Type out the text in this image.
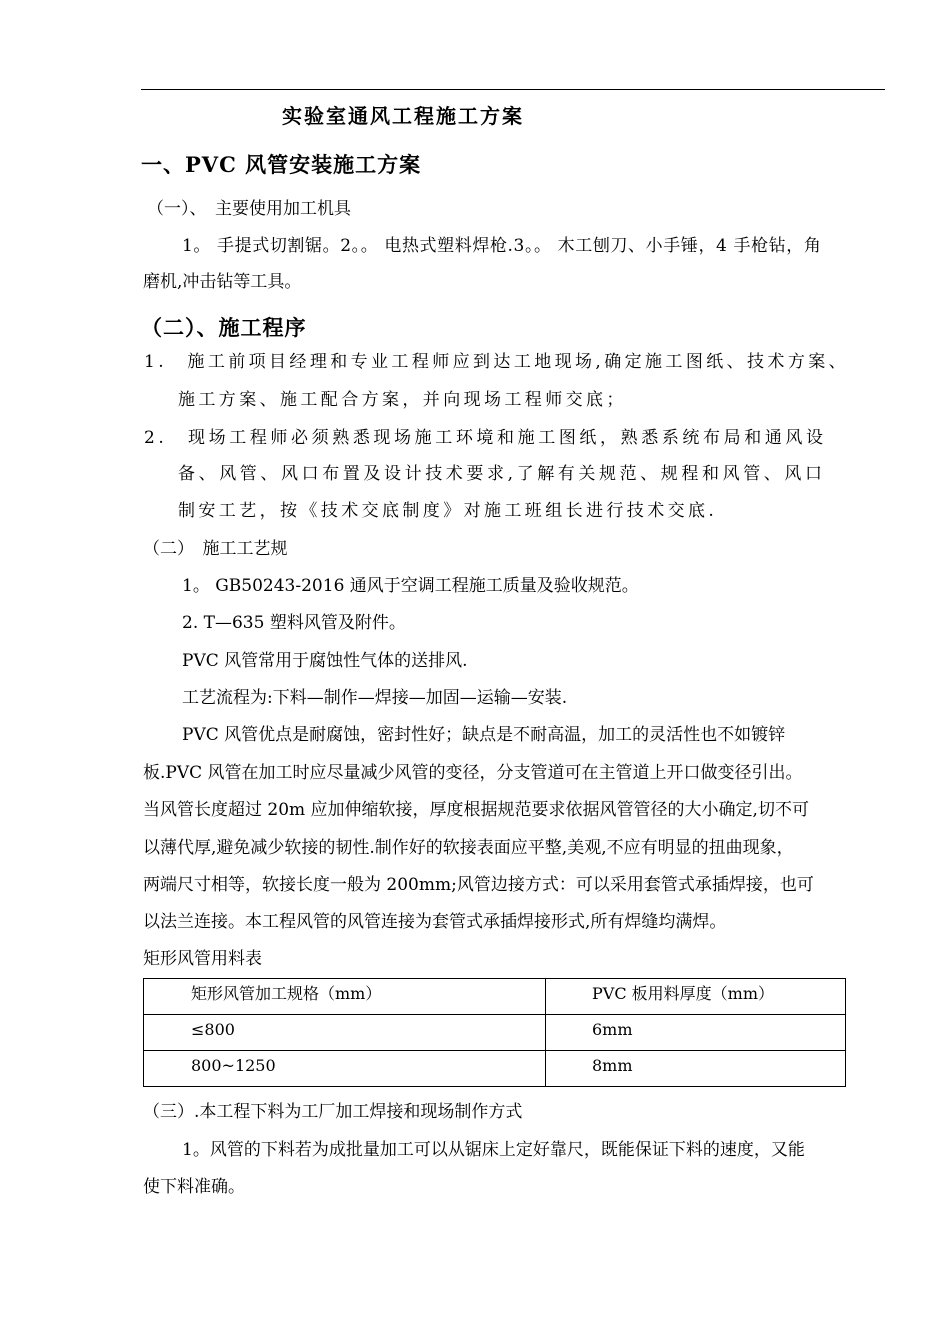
实验室通风工程施工方案
一、PVC 风管安装施工方案
（一）、　主要使用加工机具
1。 手提式切割锯。2。。 电热式塑料焊枪.3。。 木工刨刀、小手锤，4 手枪钻，角
磨机,冲击钻等工具。
（二）、施工程序
1.　施工前项目经理和专业工程师应到达工地现场,确定施工图纸、技术方案、
施工方案、施工配合方案，并向现场工程师交底；
2.　现场工程师必须熟悉现场施工环境和施工图纸，熟悉系统布局和通风设
备、风管、风口布置及设计技术要求,了解有关规范、规程和风管、风口
制安工艺，按《技术交底制度》对施工班组长进行技术交底.
（二）　施工工艺规
1。 GB50243-2016 通风于空调工程施工质量及验收规范。
2. T—635 塑料风管及附件。
PVC 风管常用于腐蚀性气体的送排风.
工艺流程为:下料—制作—焊接—加固—运输—安装.
PVC 风管优点是耐腐蚀，密封性好；缺点是不耐高温，加工的灵活性也不如镀锌
板.PVC 风管在加工时应尽量减少风管的变径，分支管道可在主管道上开口做变径引出。
当风管长度超过 20m 应加伸缩软接，厚度根据规范要求依据风管管径的大小确定,切不可
以薄代厚,避免减少软接的韧性.制作好的软接表面应平整,美观,不应有明显的扭曲现象，
两端尺寸相等，软接长度一般为 200mm;风管边接方式：可以采用套管式承插焊接，也可
以法兰连接。本工程风管的风管连接为套管式承插焊接形式,所有焊缝均满焊。
矩形风管用料表
矩形风管加工规格（mm）	PVC 板用料厚度（mm）
≤800	6mm
800~1250	8mm
（三）.本工程下料为工厂加工焊接和现场制作方式
1。风管的下料若为成批量加工可以从锯床上定好靠尺，既能保证下料的速度，又能
使下料准确。
